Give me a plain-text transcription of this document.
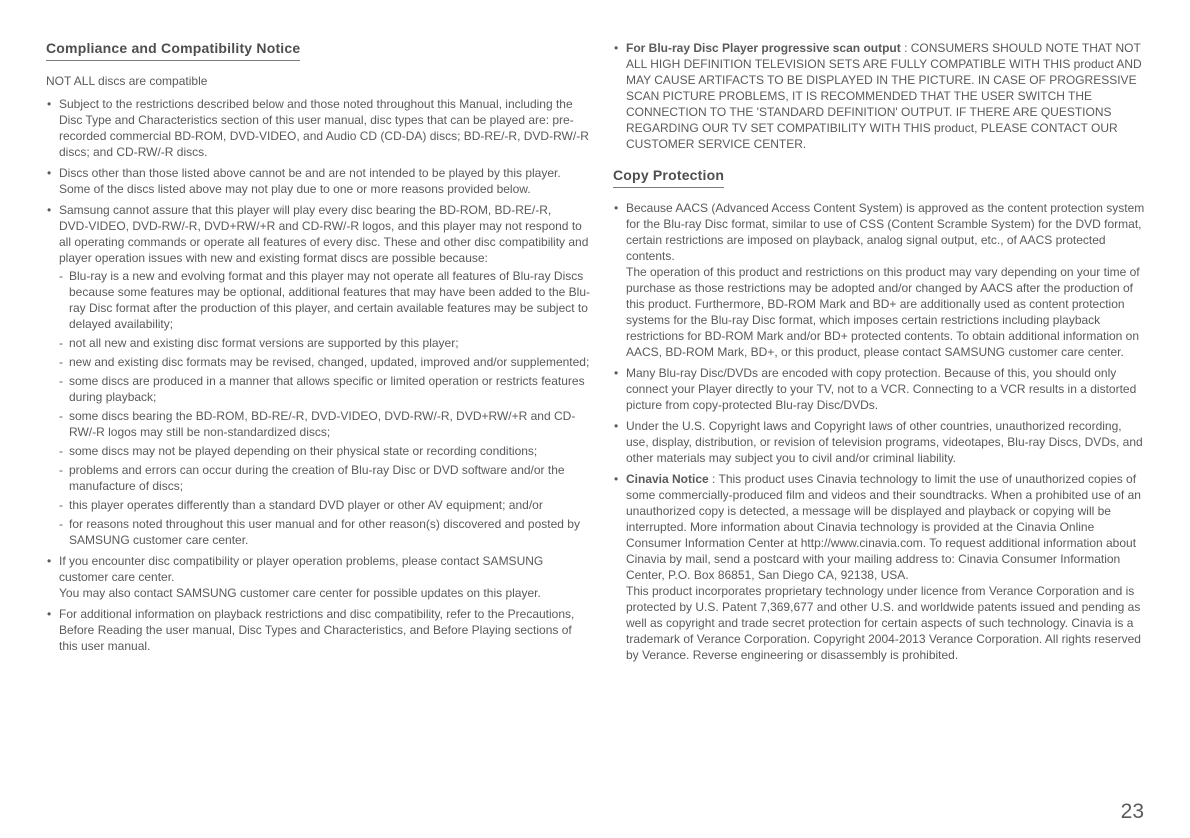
Compliance and Compatibility Notice
NOT ALL discs are compatible
• Subject to the restrictions described below and those noted throughout this Manual, including the Disc Type and Characteristics section of this user manual, disc types that can be played are: pre-recorded commercial BD-ROM, DVD-VIDEO, and Audio CD (CD-DA) discs; BD-RE/-R, DVD-RW/-R discs; and CD-RW/-R discs.
• Discs other than those listed above cannot be and are not intended to be played by this player. Some of the discs listed above may not play due to one or more reasons provided below.
• Samsung cannot assure that this player will play every disc bearing the BD-ROM, BD-RE/-R,
DVD-VIDEO, DVD-RW/-R, DVD+RW/+R and CD-RW/-R logos, and this player may not respond to all operating commands or operate all features of every disc. These and other disc compatibility and player operation issues with new and existing format discs are possible because:
- Blu-ray is a new and evolving format and this player may not operate all features of Blu-ray Discs because some features may be optional, additional features that may have been added to the Blu-ray Disc format after the production of this player, and certain available features may be subject to delayed availability;
- not all new and existing disc format versions are supported by this player;
- new and existing disc formats may be revised, changed, updated, improved and/or supplemented;
- some discs are produced in a manner that allows specific or limited operation or restricts features during playback;
- some discs bearing the BD-ROM, BD-RE/-R, DVD-VIDEO, DVD-RW/-R, DVD+RW/+R and CD-RW/-R logos may still be non-standardized discs;
- some discs may not be played depending on their physical state or recording conditions;
- problems and errors can occur during the creation of Blu-ray Disc or DVD software and/or the manufacture of discs;
- this player operates differently than a standard DVD player or other AV equipment; and/or
- for reasons noted throughout this user manual and for other reason(s) discovered and posted by SAMSUNG customer care center.
• If you encounter disc compatibility or player operation problems, please contact SAMSUNG customer care center.
You may also contact SAMSUNG customer care center for possible updates on this player.
• For additional information on playback restrictions and disc compatibility, refer to the Precautions, Before Reading the user manual, Disc Types and Characteristics, and Before Playing sections of this user manual.
• For Blu-ray Disc Player progressive scan output : CONSUMERS SHOULD NOTE THAT NOT ALL HIGH DEFINITION TELEVISION SETS ARE FULLY COMPATIBLE WITH THIS product AND MAY CAUSE ARTIFACTS TO BE DISPLAYED IN THE PICTURE. IN CASE OF PROGRESSIVE SCAN PICTURE PROBLEMS, IT IS RECOMMENDED THAT THE USER SWITCH THE CONNECTION TO THE 'STANDARD DEFINITION' OUTPUT. IF THERE ARE QUESTIONS REGARDING OUR TV SET COMPATIBILITY WITH THIS product, PLEASE CONTACT OUR CUSTOMER SERVICE CENTER.
Copy Protection
• Because AACS (Advanced Access Content System) is approved as the content protection system for the Blu-ray Disc format, similar to use of CSS (Content Scramble System) for the DVD format, certain restrictions are imposed on playback, analog signal output, etc., of AACS protected contents.
The operation of this product and restrictions on this product may vary depending on your time of purchase as those restrictions may be adopted and/or changed by AACS after the production of this product. Furthermore, BD-ROM Mark and BD+ are additionally used as content protection systems for the Blu-ray Disc format, which imposes certain restrictions including playback restrictions for BD-ROM Mark and/or BD+ protected contents. To obtain additional information on AACS, BD-ROM Mark, BD+, or this product, please contact SAMSUNG customer care center.
• Many Blu-ray Disc/DVDs are encoded with copy protection. Because of this, you should only connect your Player directly to your TV, not to a VCR. Connecting to a VCR results in a distorted picture from copy-protected Blu-ray Disc/DVDs.
• Under the U.S. Copyright laws and Copyright laws of other countries, unauthorized recording, use, display, distribution, or revision of television programs, videotapes, Blu-ray Discs, DVDs, and other materials may subject you to civil and/or criminal liability.
• Cinavia Notice : This product uses Cinavia technology to limit the use of unauthorized copies of some commercially-produced film and videos and their soundtracks. When a prohibited use of an unauthorized copy is detected, a message will be displayed and playback or copying will be interrupted. More information about Cinavia technology is provided at the Cinavia Online Consumer Information Center at http://www.cinavia.com. To request additional information about Cinavia by mail, send a postcard with your mailing address to: Cinavia Consumer Information Center, P.O. Box 86851, San Diego CA, 92138, USA.
This product incorporates proprietary technology under licence from Verance Corporation and is protected by U.S. Patent 7,369,677 and other U.S. and worldwide patents issued and pending as well as copyright and trade secret protection for certain aspects of such technology. Cinavia is a trademark of Verance Corporation. Copyright 2004-2013 Verance Corporation. All rights reserved by Verance. Reverse engineering or disassembly is prohibited.
23
